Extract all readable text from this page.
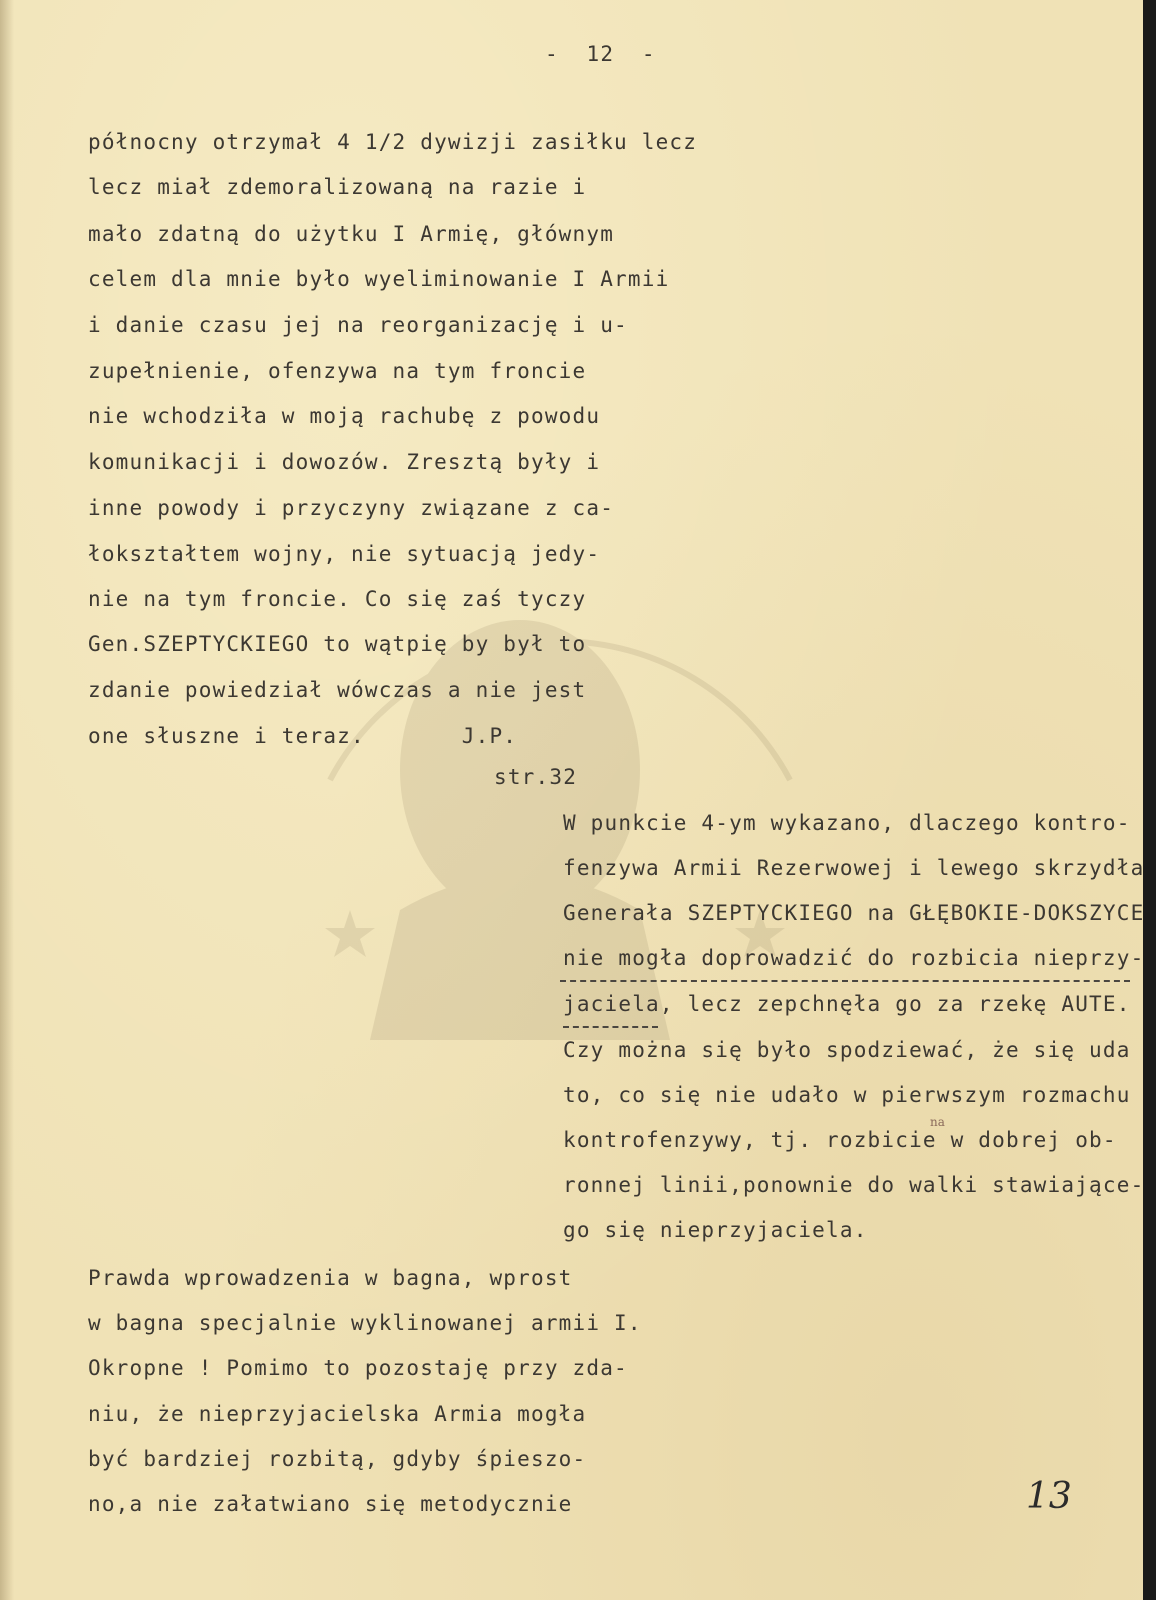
-  12  -
północny otrzymał 4 1/2 dywizji zasiłku lecz
lecz miał zdemoralizowaną na razie i
mało zdatną do użytku I Armię, głównym
celem dla mnie było wyeliminowanie I Armii
i danie czasu jej na reorganizację i u-
zupełnienie, ofenzywa na tym froncie
nie wchodziła w moją rachubę z powodu
komunikacji i dowozów. Zresztą były i
inne powody i przyczyny związane z ca-
łokształtem wojny, nie sytuacją jedy-
nie na tym froncie. Co się zaś tyczy
Gen.SZEPTYCKIEGO to wątpię by był to
zdanie powiedział wówczas a nie jest
one słuszne i teraz.       J.P.
str.32
W punkcie 4-ym wykazano, dlaczego kontro-
fenzywa Armii Rezerwowej i lewego skrzydła
Generała SZEPTYCKIEGO na GŁĘBOKIE-DOKSZYCE
nie mogła doprowadzić do rozbicia nieprzy-
jaciela, lecz zepchnęła go za rzekę AUTE.
Czy można się było spodziewać, że się uda
to, co się nie udało w pierwszym rozmachu
na
kontrofenzywy, tj. rozbicie w dobrej ob-
ronnej linii,ponownie do walki stawiające-
go się nieprzyjaciela.
Prawda wprowadzenia w bagna, wprost
w bagna specjalnie wyklinowanej armii I.
Okropne ! Pomimo to pozostaję przy zda-
niu, że nieprzyjacielska Armia mogła
być bardziej rozbitą, gdyby śpieszo-
no,a nie załatwiano się metodycznie	13
